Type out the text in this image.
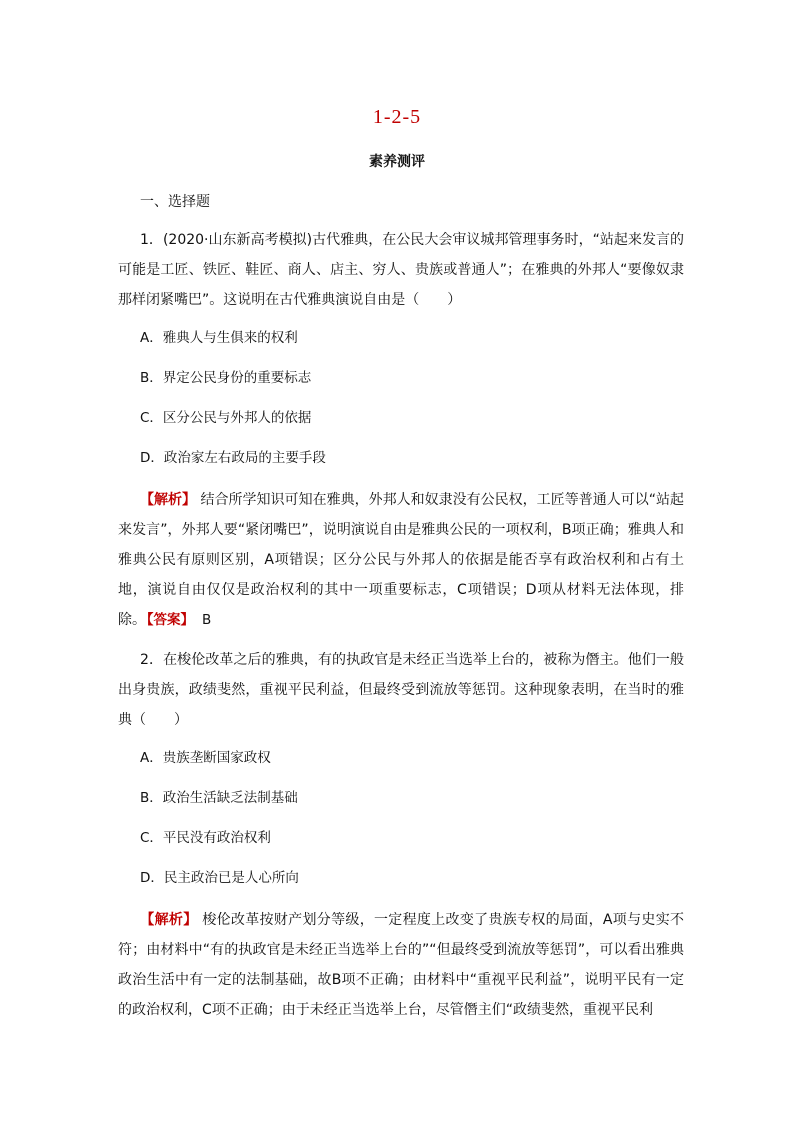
1-2-5
素养测评
一、选择题

1．(2020·山东新高考模拟)古代雅典，在公民大会审议城邦管理事务时，“站起来发言的可能是工匠、铁匠、鞋匠、商人、店主、穷人、贵族或普通人”；在雅典的外邦人“要像奴隶那样闭紧嘴巴”。这说明在古代雅典演说自由是（　　）

A．雅典人与生俱来的权利
B．界定公民身份的重要标志
C．区分公民与外邦人的依据
D．政治家左右政局的主要手段

【解析】 结合所学知识可知在雅典，外邦人和奴隶没有公民权，工匠等普通人可以“站起来发言”，外邦人要“紧闭嘴巴”，说明演说自由是雅典公民的一项权利，B项正确；雅典人和雅典公民有原则区别，A项错误；区分公民与外邦人的依据是能否享有政治权利和占有土地，演说自由仅仅是政治权利的其中一项重要标志，C项错误；D项从材料无法体现，排除。

【答案】 B

2．在梭伦改革之后的雅典，有的执政官是未经正当选举上台的，被称为僭主。他们一般出身贵族，政绩斐然，重视平民利益，但最终受到流放等惩罚。这种现象表明，在当时的雅典（　　）

A．贵族垄断国家政权
B．政治生活缺乏法制基础
C．平民没有政治权利
D．民主政治已是人心所向

【解析】 梭伦改革按财产划分等级，一定程度上改变了贵族专权的局面，A项与史实不符；由材料中“有的执政官是未经正当选举上台的”“但最终受到流放等惩罚”，可以看出雅典政治生活中有一定的法制基础，故B项不正确；由材料中“重视平民利益”，说明平民有一定的政治权利，C项不正确；由于未经正当选举上台，尽管僭主们“政绩斐然，重视平民利
